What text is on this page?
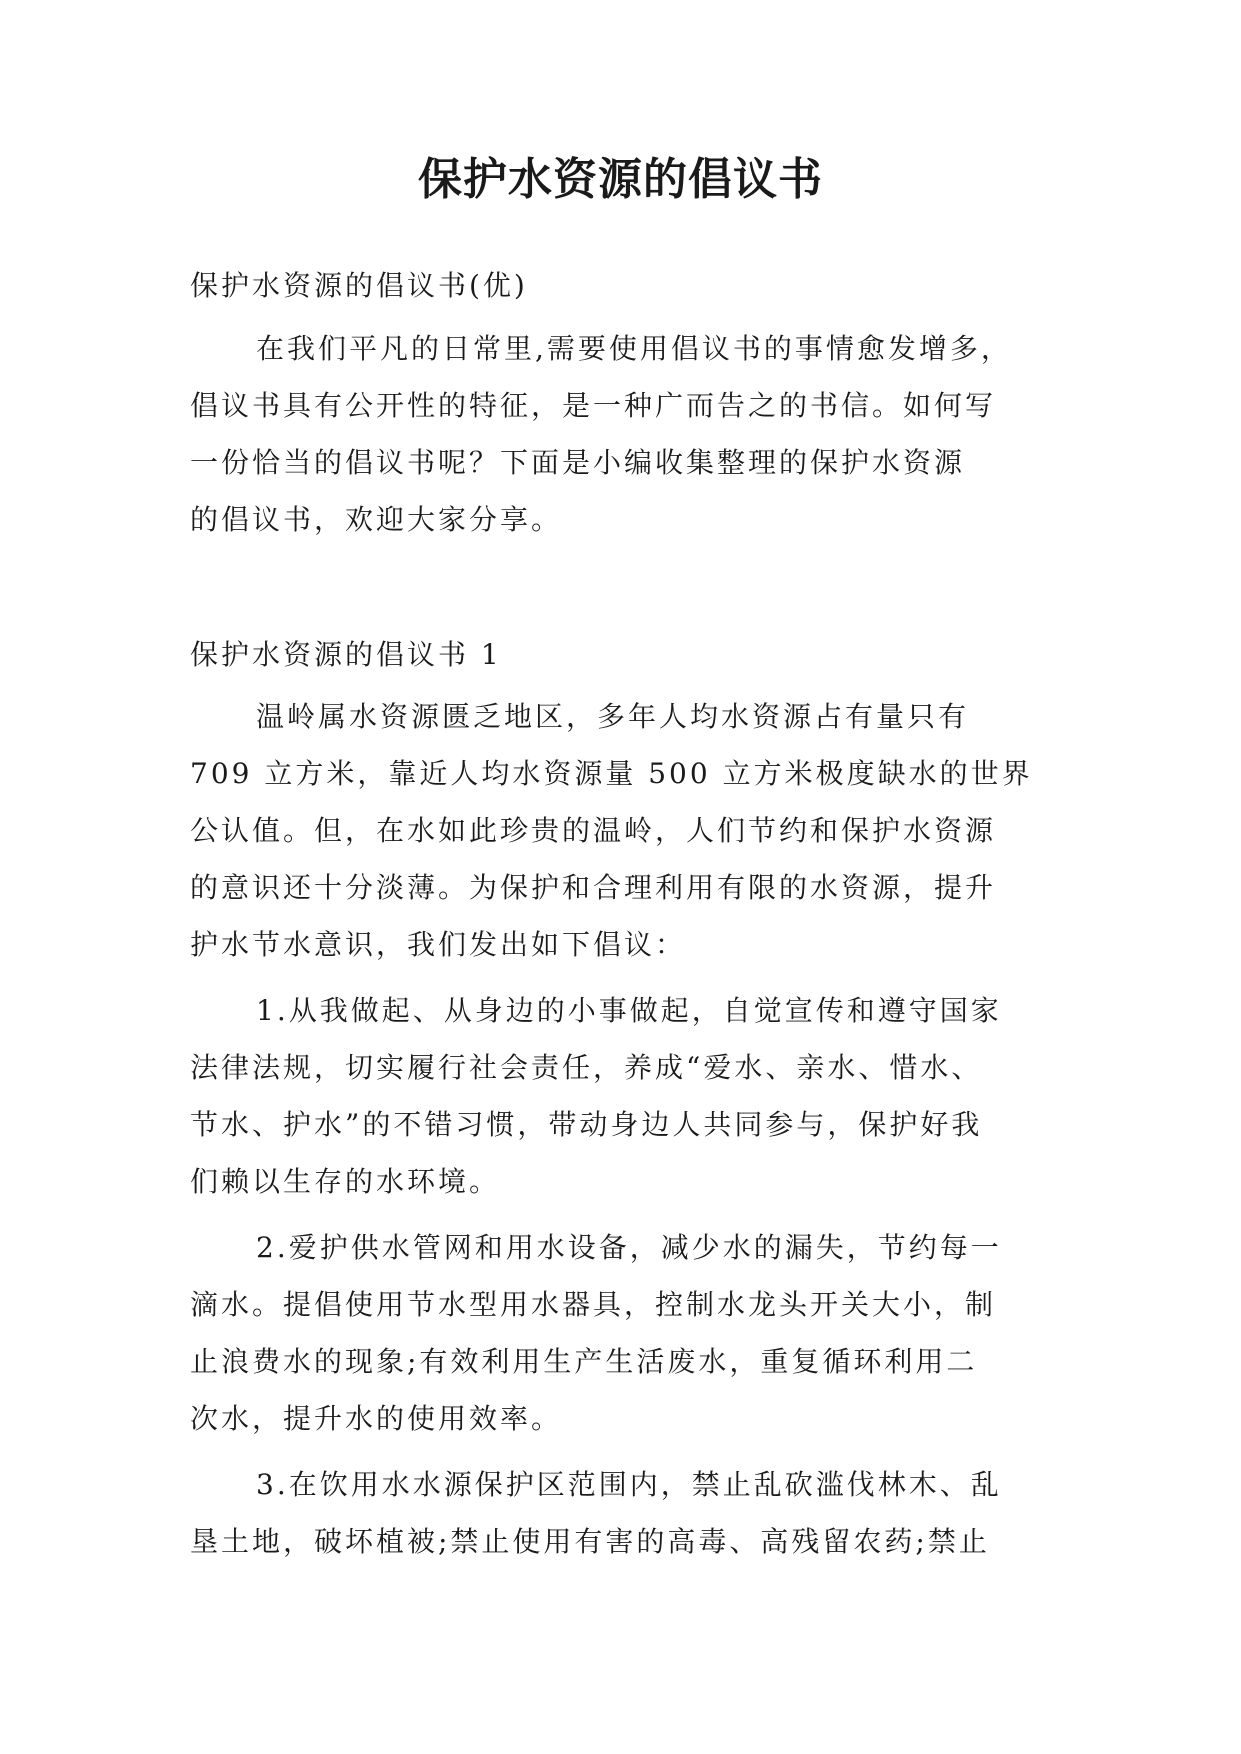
保护水资源的倡议书
保护水资源的倡议书(优)
在我们平凡的日常里,需要使用倡议书的事情愈发增多，
倡议书具有公开性的特征，是一种广而告之的书信。如何写
一份恰当的倡议书呢？下面是小编收集整理的保护水资源
的倡议书，欢迎大家分享。
保护水资源的倡议书 1
温岭属水资源匮乏地区，多年人均水资源占有量只有
709 立方米，靠近人均水资源量 500 立方米极度缺水的世界
公认值。但，在水如此珍贵的温岭，人们节约和保护水资源
的意识还十分淡薄。为保护和合理利用有限的水资源，提升
护水节水意识，我们发出如下倡议：
1.从我做起、从身边的小事做起，自觉宣传和遵守国家
法律法规，切实履行社会责任，养成“爱水、亲水、惜水、
节水、护水”的不错习惯，带动身边人共同参与，保护好我
们赖以生存的水环境。
2.爱护供水管网和用水设备，减少水的漏失，节约每一
滴水。提倡使用节水型用水器具，控制水龙头开关大小，制
止浪费水的现象;有效利用生产生活废水，重复循环利用二
次水，提升水的使用效率。
3.在饮用水水源保护区范围内，禁止乱砍滥伐林木、乱
垦土地，破坏植被;禁止使用有害的高毒、高残留农药;禁止
